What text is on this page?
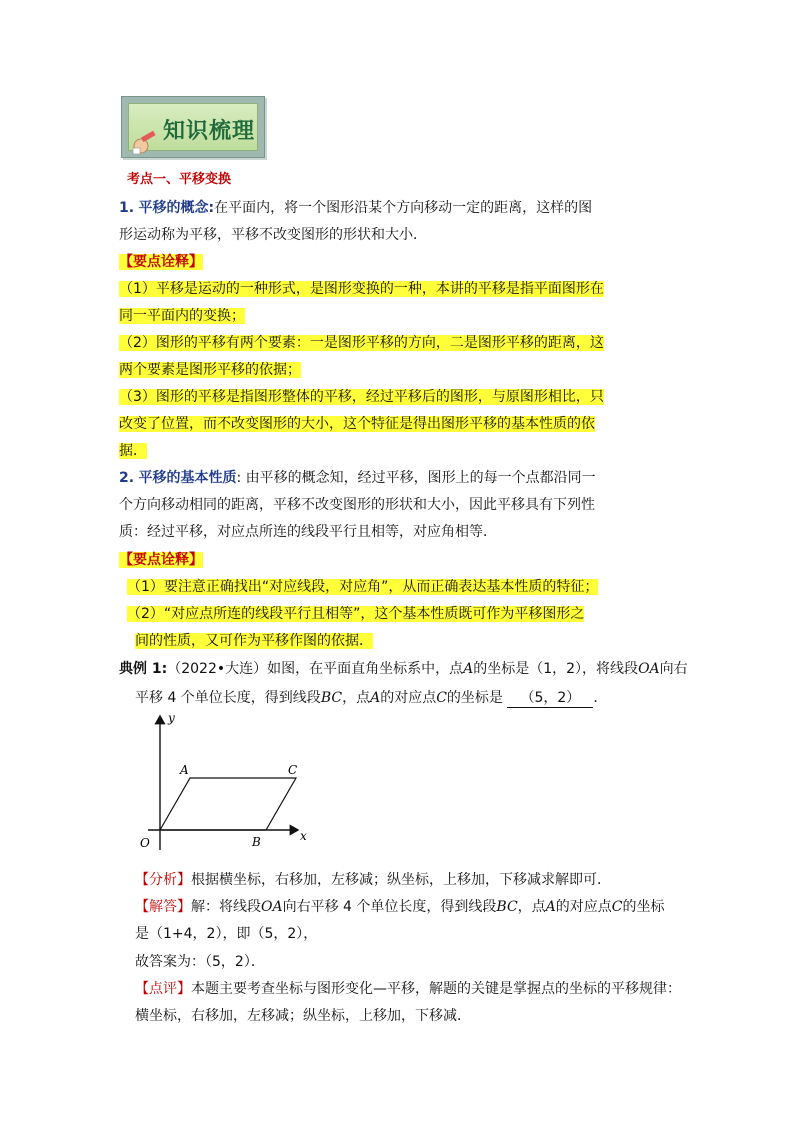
知识梳理
考点一、平移变换
1. 平移的概念:在平面内，将一个图形沿某个方向移动一定的距离，这样的图
形运动称为平移，平移不改变图形的形状和大小．
【要点诠释】
（1）平移是运动的一种形式，是图形变换的一种，本讲的平移是指平面图形在
同一平面内的变换；
（2）图形的平移有两个要素：一是图形平移的方向，二是图形平移的距离，这
两个要素是图形平移的依据；
（3）图形的平移是指图形整体的平移，经过平移后的图形，与原图形相比，只
改变了位置，而不改变图形的大小，这个特征是得出图形平移的基本性质的依
据．
2. 平移的基本性质: 由平移的概念知，经过平移，图形上的每一个点都沿同一
个方向移动相同的距离，平移不改变图形的形状和大小，因此平移具有下列性
质：经过平移，对应点所连的线段平行且相等，对应角相等．
【要点诠释】
（1）要注意正确找出“对应线段，对应角”，从而正确表达基本性质的特征；
（2）“对应点所连的线段平行且相等”，这个基本性质既可作为平移图形之
间的性质，又可作为平移作图的依据．
典例 1:（2022•大连）如图，在平面直角坐标系中，点A的坐标是（1，2），将线段OA向右
平移 4 个单位长度，得到线段BC，点A的对应点C的坐标是 （5，2） ．
y
x
O
A	C
B
【分析】根据横坐标，右移加，左移减；纵坐标，上移加，下移减求解即可．
【解答】解：将线段OA向右平移 4 个单位长度，得到线段BC，点A的对应点C的坐标
是（1+4，2），即（5，2），
故答案为：（5，2）．
【点评】本题主要考查坐标与图形变化—平移，解题的关键是掌握点的坐标的平移规律：
横坐标，右移加，左移减；纵坐标，上移加，下移减．
